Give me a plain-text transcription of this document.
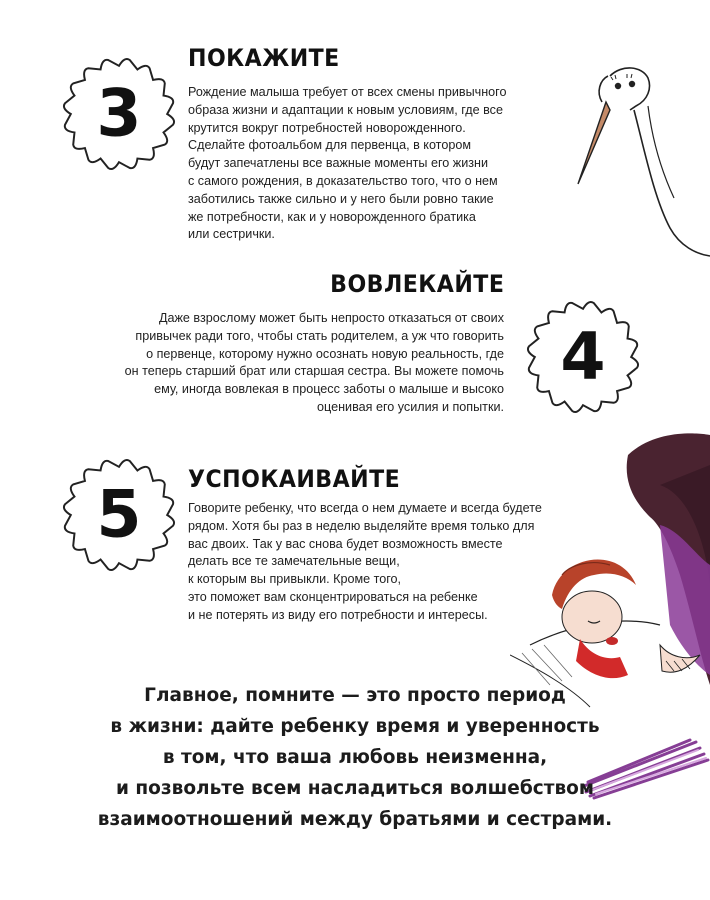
3
ПОКАЖИТЕ
Рождение малыша требует от всех смены привычного
образа жизни и адаптации к новым условиям, где все
крутится вокруг потребностей новорожденного.
Сделайте фотоальбом для первенца, в котором
будут запечатлены все важные моменты его жизни
с самого рождения, в доказательство того, что о нем
заботились также сильно и у него были ровно такие
же потребности, как и у новорожденного братика
или сестрички.
4
ВОВЛЕКАЙТЕ
Даже взрослому может быть непросто отказаться от своих
привычек ради того, чтобы стать родителем, а уж что говорить
о первенце, которому нужно осознать новую реальность, где
он теперь старший брат или старшая сестра. Вы можете помочь
ему, иногда вовлекая в процесс заботы о малыше и высоко
оценивая его усилия и попытки.
5 УСПОКАИВАЙТЕ
Говорите ребенку, что всегда о нем думаете и всегда будете
рядом. Хотя бы раз в неделю выделяйте время только для
вас двоих. Так у вас снова будет возможность вместе
делать все те замечательные вещи,
к которым вы привыкли. Кроме того,
это поможет вам сконцентрироваться на ребенке
и не потерять из виду его потребности и интересы.
Главное, помните — это просто период
в жизни: дайте ребенку время и уверенность
в том, что ваша любовь неизменна,
и позвольте всем насладиться волшебством
взаимоотношений между братьями и сестрами.
